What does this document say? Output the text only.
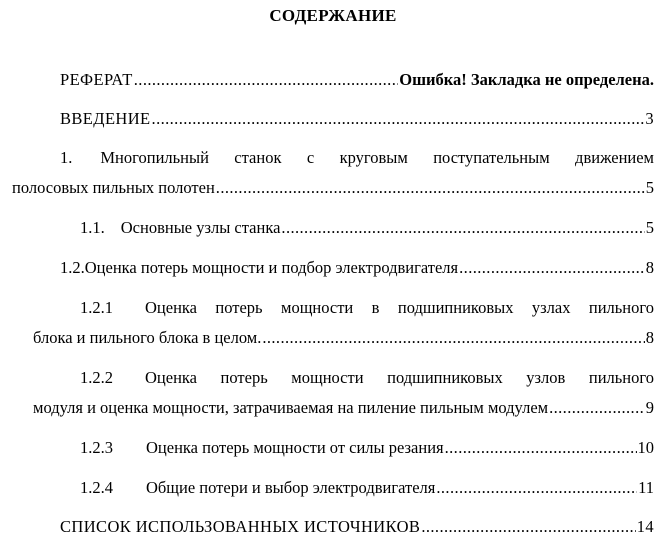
СОДЕРЖАНИЕ
РЕФЕРАТ .....	Ошибка! Закладка не определена.
ВВЕДЕНИЕ .....	3
1. Многопильный станок с круговым поступательным движением
полосовых пильных полотен .....	5
1.1. Основные узлы станка .....	5
1.2.Оценка потерь мощности и подбор электродвигателя .....	8
1.2.1 Оценка потерь мощности в подшипниковых узлах пильного
блока и пильного блока в целом. .....	8
1.2.2 Оценка потерь мощности подшипниковых узлов пильного
модуля и оценка мощности, затрачиваемая на пиление пильным модулем .....	9
1.2.3 Оценка потерь мощности от силы резания .....	10
1.2.4 Общие потери и выбор электродвигателя .....	11
СПИСОК ИСПОЛЬЗОВАННЫХ ИСТОЧНИКОВ .....	14
